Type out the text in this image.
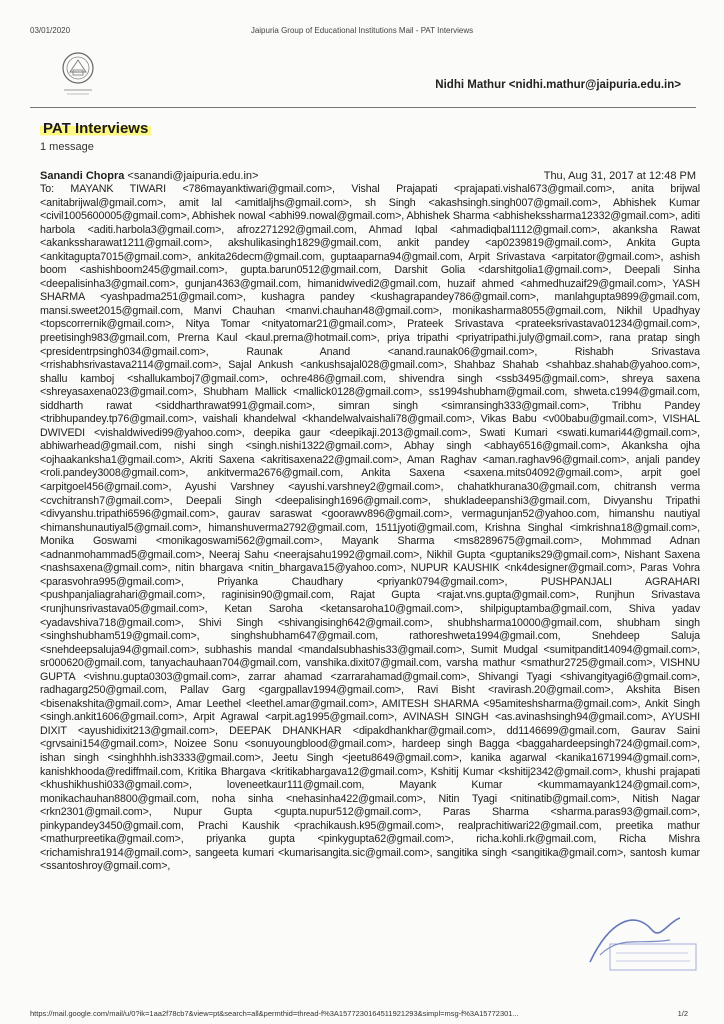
03/01/2020	Jaipuria Group of Educational Institutions Mail - PAT Interviews
Nidhi Mathur <nidhi.mathur@jaipuria.edu.in>
PAT Interviews
1 message
Sanandi Chopra <sanandi@jaipuria.edu.in>	Thu, Aug 31, 2017 at 12:48 PM
To: MAYANK TIWARI <786mayanktiwari@gmail.com>, Vishal Prajapati <prajapati.vishal673@gmail.com>, anita brijwal <anitabrijwal@gmail.com>, amit lal <amitlaljhs@gmail.com>, sh Singh <akashsingh.singh007@gmail.com>, Abhishek Kumar <civil1005600005@gmail.com>, Abhishek nowal <abhi99.nowal@gmail.com>, Abhishek Sharma <abhishekssharma12332@gmail.com>, aditi harbola <aditi.harbola3@gmail.com>, afroz271292@gmail.com, Ahmad Iqbal <ahmadiqbal1112@gmail.com>, akanksha Rawat <akankssharawat1211@gmail.com>, akshulikasingh1829@gmail.com, ankit pandey <ap0239819@gmail.com>, Ankita Gupta <ankitagupta7015@gmail.com>, ankita26decm@gmail.com, guptaaparna94@gmail.com, Arpit Srivastava <arpitator@gmail.com>, ashish boom <ashishboom245@gmail.com>, gupta.barun0512@gmail.com, Darshit Golia <darshitgolia1@gmail.com>, Deepali Sinha <deepalisinha3@gmail.com>, gunjan4363@gmail.com, himanidwivedi2@gmail.com, huzaif ahmed <ahmedhuzaif29@gmail.com>, YASH SHARMA <yashpadma251@gmail.com>, kushagra pandey <kushagrapandey786@gmail.com>, manlahgupta9899@gmail.com, mansi.sweet2015@gmail.com, Manvi Chauhan <manvi.chauhan48@gmail.com>, monikasharma8055@gmail.com, Nikhil Upadhyay <topscorrernik@gmail.com>, Nitya Tomar <nityatomar21@gmail.com>, Prateek Srivastava <prateeksrivastava01234@gmail.com>, preetisingh983@gmail.com, Prerna Kaul <kaul.prerna@hotmail.com>, priya tripathi <priyatripathi.july@gmail.com>, rana pratap singh <presidentrpsingh034@gmail.com>, Raunak Anand <anand.raunak06@gmail.com>, Rishabh Srivastava <rrishabhsrivastava2114@gmail.com>, Sajal Ankush <ankushsajal028@gmail.com>, Shahbaz Shahab <shahbaz.shahab@yahoo.com>, shallu kamboj <shallukamboj7@gmail.com>, ochre486@gmail.com, shivendra singh <ssb3495@gmail.com>, shreya saxena <shreyasaxena023@gmail.com>, Shubham Mallick <mallick0128@gmail.com>, ss1994shubham@gmail.com, shweta.c1994@gmail.com, siddharth rawat <siddharthrawat991@gmail.com>, simran singh <simransingh333@gmail.com>, Tribhu Pandey <tribhupandey.tp76@gmail.com>, vaishali khandelwal <khandelwalvaishali78@gmail.com>, Vikas Babu <v00babu@gmail.com>, VISHAL DWIVEDI <vishaldwivedi99@yahoo.com>, deepika gaur <deepikaji.2013@gmail.com>, Swati Kumari <swati.kumari44@gmail.com>, abhiwarhead@gmail.com, nishi singh <singh.nishi1322@gmail.com>, Abhay singh <abhay6516@gmail.com>, Akanksha ojha <ojhaakanksha1@gmail.com>, Akriti Saxena <akritisaxena22@gmail.com>, Aman Raghav <aman.raghav96@gmail.com>, anjali pandey <roli.pandey3008@gmail.com>, ankitverma2676@gmail.com, Ankita Saxena <saxena.mits04092@gmail.com>, arpit goel <arpitgoel456@gmail.com>, Ayushi Varshney <ayushi.varshney2@gmail.com>, chahatkhurana30@gmail.com, chitransh verma <cvchitransh7@gmail.com>, Deepali Singh <deepalisingh1696@gmail.com>, shukladeepanshi3@gmail.com, Divyanshu Tripathi <divyanshu.tripathi6596@gmail.com>, gaurav saraswat <goorawv896@gmail.com>, vermagunjan52@yahoo.com, himanshu nautiyal <himanshunautiyal5@gmail.com>, himanshuverma2792@gmail.com, 1511jyoti@gmail.com, Krishna Singhal <imkrishna18@gmail.com>, Monika Goswami <monikagoswami562@gmail.com>, Mayank Sharma <ms8289675@gmail.com>, Mohmmad Adnan <adnanmohammad5@gmail.com>, Neeraj Sahu <neerajsahu1992@gmail.com>, Nikhil Gupta <guptaniks29@gmail.com>, Nishant Saxena <nashsaxena@gmail.com>, nitin bhargava <nitin_bhargava15@yahoo.com>, NUPUR KAUSHIK <nk4designer@gmail.com>, Paras Vohra <parasvohra995@gmail.com>, Priyanka Chaudhary <priyank0794@gmail.com>, PUSHPANJALI AGRAHARI <pushpanjaliagrahari@gmail.com>, raginisin90@gmail.com, Rajat Gupta <rajat.vns.gupta@gmail.com>, Runjhun Srivastava <runjhunsrivastava05@gmail.com>, Ketan Saroha <ketansaroha10@gmail.com>, shilpiguptamba@gmail.com, Shiva yadav <yadavshiva718@gmail.com>, Shivi Singh <shivangisingh642@gmail.com>, shubhsharma10000@gmail.com, shubham singh <singhshubham519@gmail.com>, singhshubham647@gmail.com, rathoreshweta1994@gmail.com, Snehdeep Saluja <snehdeepsaluja94@gmail.com>, subhashis mandal <mandalsubhashis33@gmail.com>, Sumit Mudgal <sumitpandit14094@gmail.com>, sr000620@gmail.com, tanyachauhaan704@gmail.com, vanshika.dixit07@gmail.com, varsha mathur <smathur2725@gmail.com>, VISHNU GUPTA <vishnu.gupta0303@gmail.com>, zarrar ahamad <zarrarahamad@gmail.com>, Shivangi Tyagi <shivangityagi6@gmail.com>, radhagarg250@gmail.com, Pallav Garg <gargpallav1994@gmail.com>, Ravi Bisht <ravirash.20@gmail.com>, Akshita Bisen <bisenakshita@gmail.com>, Amar Leethel <leethel.amar@gmail.com>, AMITESH SHARMA <95amiteshsharma@gmail.com>, Ankit Singh <singh.ankit1606@gmail.com>, Arpit Agrawal <arpit.ag1995@gmail.com>, AVINASH SINGH <as.avinashsingh94@gmail.com>, AYUSHI DIXIT <ayushidixit213@gmail.com>, DEEPAK DHANKHAR <dipakdhankhar@gmail.com>, dd1146699@gmail.com, Gaurav Saini <grvsaini154@gmail.com>, Noizee Sonu <sonuyoungblood@gmail.com>, hardeep singh Bagga <baggahardeepsingh724@gmail.com>, ishan singh <singhhhh.ish3333@gmail.com>, Jeetu Singh <jeetu8649@gmail.com>, kanika agarwal <kanika1671994@gmail.com>, kanishkhooda@rediffmail.com, Kritika Bhargava <kritikabhargava12@gmail.com>, Kshitij Kumar <kshitij2342@gmail.com>, khushi prajapati <khushikhushi033@gmail.com>, loveneetkaur111@gmail.com, Mayank Kumar <kummamayank124@gmail.com>, monikachauhan8800@gmail.com, noha sinha <nehasinha422@gmail.com>, Nitin Tyagi <nitinatib@gmail.com>, Nitish Nagar <rkn2301@gmail.com>, Nupur Gupta <gupta.nupur512@gmail.com>, Paras Sharma <sharma.paras93@gmail.com>, pinkypandey3450@gmail.com, Prachi Kaushik <prachikaush.k95@gmail.com>, realprachitiwari22@gmail.com, preetika mathur <mathurpreetika@gmail.com>, priyanka gupta <pinkygupta62@gmail.com>, richa.kohli.rk@gmail.com, Richa Mishra <richamishra1914@gmail.com>, sangeeta kumari <kumarisangita.sic@gmail.com>, sangitika singh <sangitika@gmail.com>, santosh kumar <ssantoshroy@gmail.com>,
https://mail.google.com/mail/u/0?ik=1aa2f78cb7&view=pt&search=all&permthid=thread-f%3A1577230164511921293&simpl=msg-f%3A15772301...	1/2
